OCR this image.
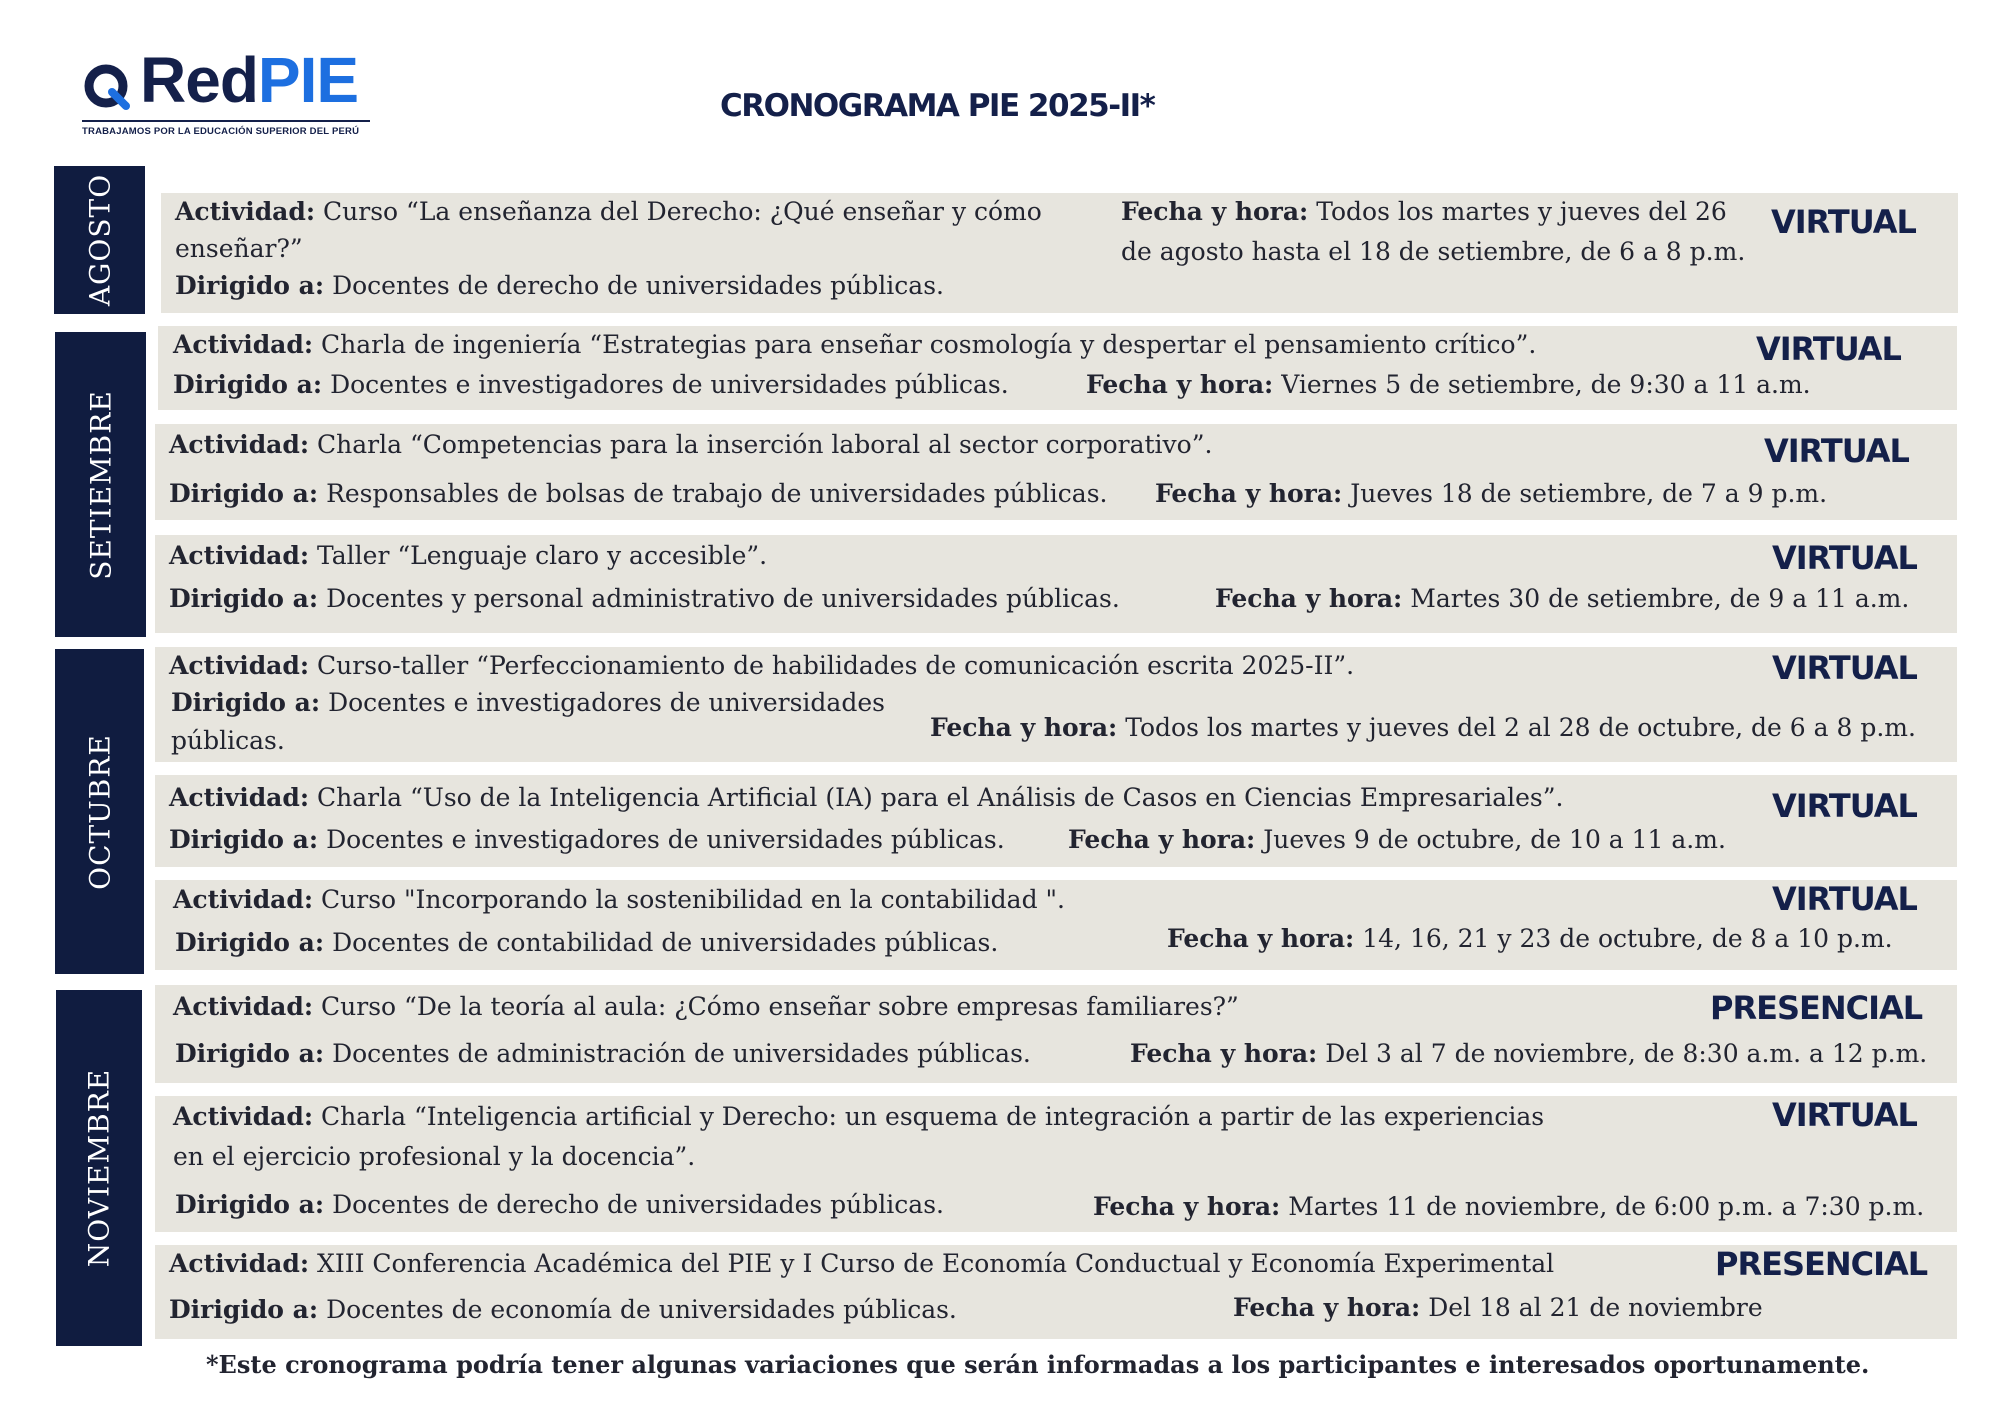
RedPIE
TRABAJAMOS POR LA EDUCACIÓN SUPERIOR DEL PERÚ
CRONOGRAMA PIE 2025-II*
AGOSTO
SETIEMBRE
OCTUBRE
NOVIEMBRE
Actividad: Curso “La enseñanza del Derecho: ¿Qué enseñar y cómo
enseñar?”
Dirigido a: Docentes de derecho de universidades públicas.
Fecha y hora: Todos los martes y jueves del 26
de agosto hasta el 18 de setiembre, de 6 a 8 p.m.
VIRTUAL
Actividad: Charla de ingeniería “Estrategias para enseñar cosmología y despertar el pensamiento crítico”.
Dirigido a: Docentes e investigadores de universidades públicas.	Fecha y hora: Viernes 5 de setiembre, de 9:30 a 11 a.m.
VIRTUAL
Actividad: Charla “Competencias para la inserción laboral al sector corporativo”.
Dirigido a: Responsables de bolsas de trabajo de universidades públicas. Fecha y hora: Jueves 18 de setiembre, de 7 a 9 p.m.
VIRTUAL
Actividad: Taller “Lenguaje claro y accesible”.
Dirigido a: Docentes y personal administrativo de universidades públicas.	Fecha y hora: Martes 30 de setiembre, de 9 a 11 a.m.
VIRTUAL
Actividad: Curso-taller “Perfeccionamiento de habilidades de comunicación escrita 2025-II”.
Dirigido a: Docentes e investigadores de universidades
públicas.	Fecha y hora: Todos los martes y jueves del 2 al 28 de octubre, de 6 a 8 p.m.
VIRTUAL
Actividad: Charla “Uso de la Inteligencia Artificial (IA) para el Análisis de Casos en Ciencias Empresariales”.
Dirigido a: Docentes e investigadores de universidades públicas.	Fecha y hora: Jueves 9 de octubre, de 10 a 11 a.m.
VIRTUAL
Actividad: Curso "Incorporando la sostenibilidad en la contabilidad ".
Dirigido a: Docentes de contabilidad de universidades públicas.	Fecha y hora: 14, 16, 21 y 23 de octubre, de 8 a 10 p.m.
VIRTUAL
Actividad: Curso “De la teoría al aula: ¿Cómo enseñar sobre empresas familiares?”
Dirigido a: Docentes de administración de universidades públicas.	Fecha y hora: Del 3 al 7 de noviembre, de 8:30 a.m. a 12 p.m.
PRESENCIAL
Actividad: Charla “Inteligencia artificial y Derecho: un esquema de integración a partir de las experiencias
en el ejercicio profesional y la docencia”.
Dirigido a: Docentes de derecho de universidades públicas.	Fecha y hora: Martes 11 de noviembre, de 6:00 p.m. a 7:30 p.m.
VIRTUAL
Actividad: XIII Conferencia Académica del PIE y I Curso de Economía Conductual y Economía Experimental
Dirigido a: Docentes de economía de universidades públicas.	Fecha y hora: Del 18 al 21 de noviembre
PRESENCIAL
*Este cronograma podría tener algunas variaciones que serán informadas a los participantes e interesados oportunamente.
